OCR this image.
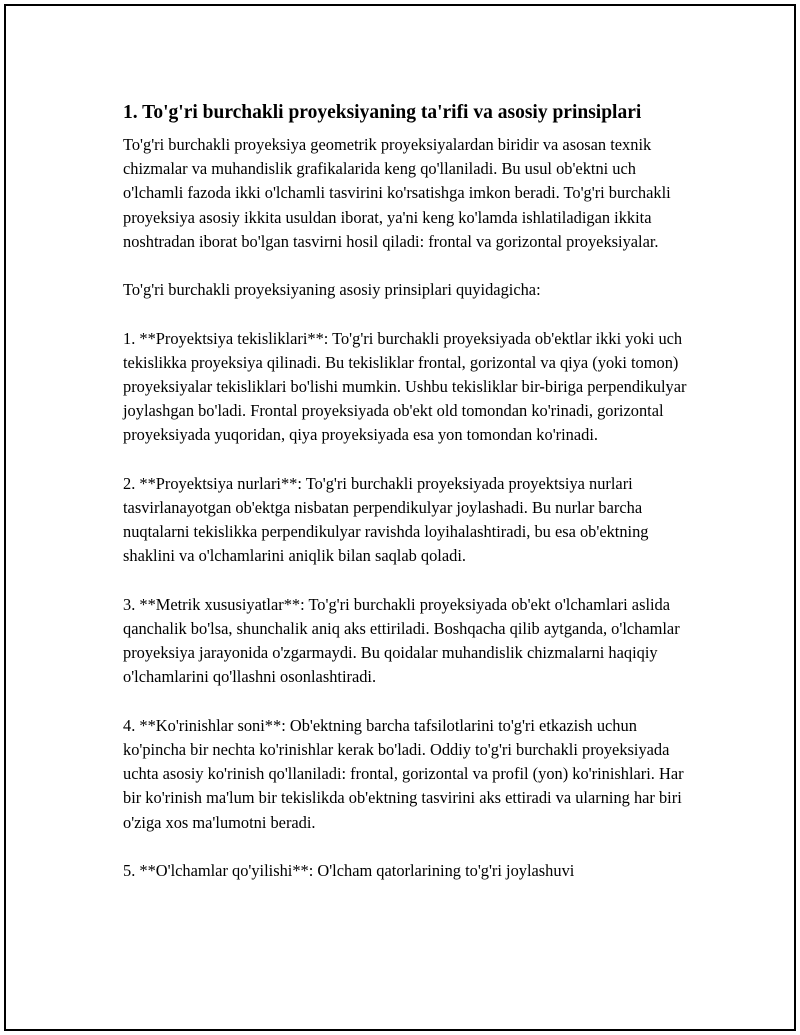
1. To'g'ri burchakli proyeksiyaning ta'rifi va asosiy prinsiplari

To'g'ri burchakli proyeksiya geometrik proyeksiyalardan biridir va asosan texnik chizmalar va muhandislik grafikalarida keng qo'llaniladi. Bu usul ob'ektni uch o'lchamli fazoda ikki o'lchamli tasvirini ko'rsatishga imkon beradi. To'g'ri burchakli proyeksiya asosiy ikkita usuldan iborat, ya'ni keng ko'lamda ishlatiladigan ikkita noshtradan iborat bo'lgan tasvirni hosil qiladi: frontal va gorizontal proyeksiyalar.

To'g'ri burchakli proyeksiyaning asosiy prinsiplari quyidagicha:

1. **Proyektsiya tekisliklari**: To'g'ri burchakli proyeksiyada ob'ektlar ikki yoki uch tekislikka proyeksiya qilinadi. Bu tekisliklar frontal, gorizontal va qiya (yoki tomon) proyeksiyalar tekisliklari bo'lishi mumkin. Ushbu tekisliklar bir-biriga perpendikulyar joylashgan bo'ladi. Frontal proyeksiyada ob'ekt old tomondan ko'rinadi, gorizontal proyeksiyada yuqoridan, qiya proyeksiyada esa yon tomondan ko'rinadi.

2. **Proyektsiya nurlari**: To'g'ri burchakli proyeksiyada proyektsiya nurlari tasvirlanayotgan ob'ektga nisbatan perpendikulyar joylashadi. Bu nurlar barcha nuqtalarni tekislikka perpendikulyar ravishda loyihalashtiradi, bu esa ob'ektning shaklini va o'lchamlarini aniqlik bilan saqlab qoladi.

3. **Metrik xususiyatlar**: To'g'ri burchakli proyeksiyada ob'ekt o'lchamlari aslida qanchalik bo'lsa, shunchalik aniq aks ettiriladi. Boshqacha qilib aytganda, o'lchamlar proyeksiya jarayonida o'zgarmaydi. Bu qoidalar muhandislik chizmalarni haqiqiy o'lchamlarini qo'llashni osonlashtiradi.

4. **Ko'rinishlar soni**: Ob'ektning barcha tafsilotlarini to'g'ri etkazish uchun ko'pincha bir nechta ko'rinishlar kerak bo'ladi. Oddiy to'g'ri burchakli proyeksiyada uchta asosiy ko'rinish qo'llaniladi: frontal, gorizontal va profil (yon) ko'rinishlari. Har bir ko'rinish ma'lum bir tekislikda ob'ektning tasvirini aks ettiradi va ularning har biri o'ziga xos ma'lumotni beradi.

5. **O'lchamlar qo'yilishi**: O'lcham qatorlarining to'g'ri joylashuvi
